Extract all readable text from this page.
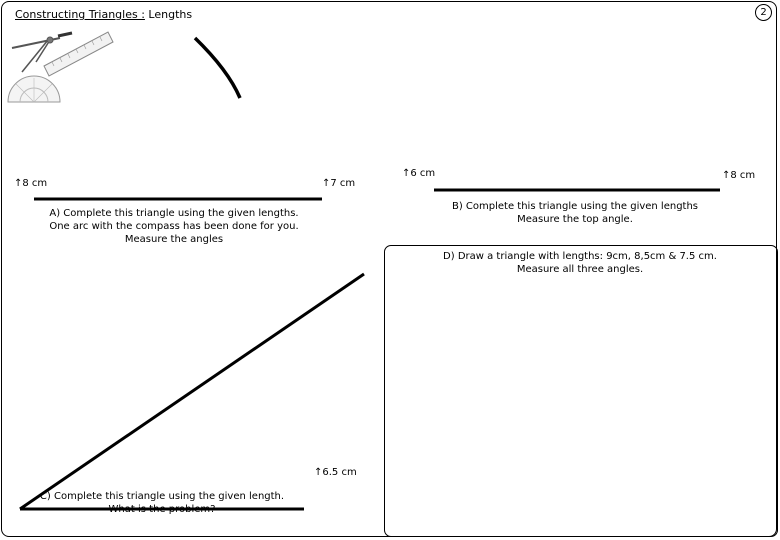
Constructing Triangles : Lengths	2
↑8 cm	↑7 cm
A) Complete this triangle using the given lengths.
One arc with the compass has been done for you.
Measure the angles
↑6 cm	↑8 cm
B) Complete this triangle using the given lengths
Measure the top angle.
↑6.5 cm
C) Complete this triangle using the given length.
What is the problem?
D) Draw a triangle with lengths: 9cm, 8,5cm & 7.5 cm.
Measure all three angles.
